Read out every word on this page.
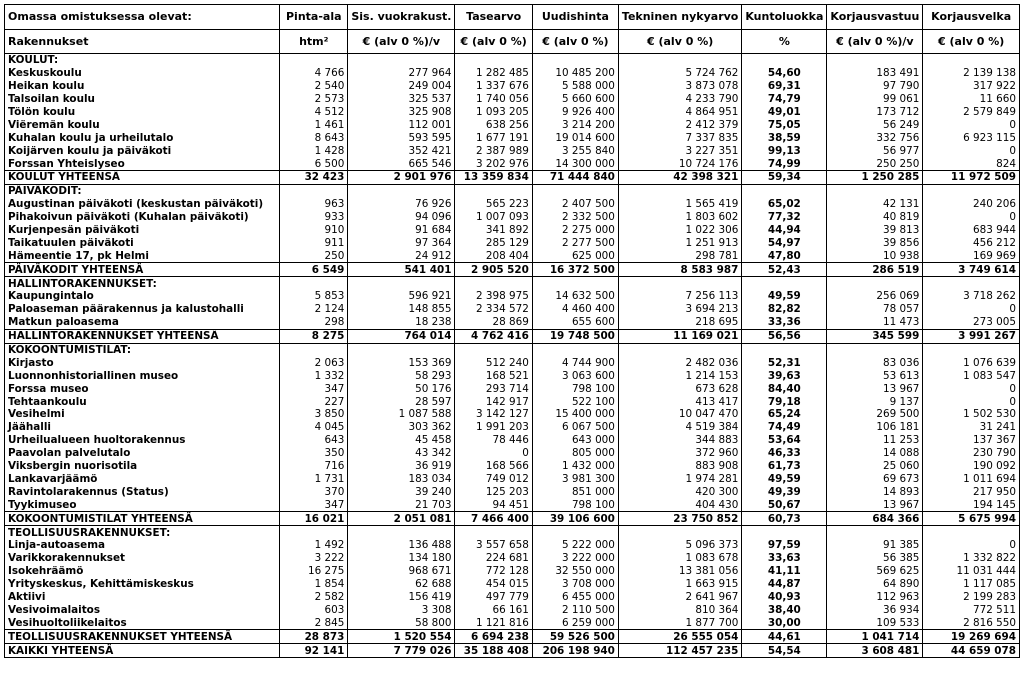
Omassa omistuksessa olevat:	Pinta-ala	Sis. vuokrakust.	Tasearvo	Uudishinta	Tekninen nykyarvo	Kuntoluokka	Korjausvastuu	Korjausvelka
Rakennukset	htm²	€ (alv 0 %)/v	€ (alv 0 %)	€ (alv 0 %)	€ (alv 0 %)	%	€ (alv 0 %)/v	€ (alv 0 %)
KOULUT:								
Keskuskoulu	4 766	277 964	1 282 485	10 485 200	5 724 762	54,60	183 491	2 139 138
Heikan koulu	2 540	249 004	1 337 676	5 588 000	3 873 078	69,31	97 790	317 922
Talsoilan koulu	2 573	325 537	1 740 056	5 660 600	4 233 790	74,79	99 061	11 660
Tölön koulu	4 512	325 908	1 093 205	9 926 400	4 864 951	49,01	173 712	2 579 849
Viëremän koulu	1 461	112 001	638 256	3 214 200	2 412 379	75,05	56 249	0
Kuhalan koulu ja urheilutalo	8 643	593 595	1 677 191	19 014 600	7 337 835	38,59	332 756	6 923 115
Koijärven koulu ja päiväkoti	1 428	352 421	2 387 989	3 255 840	3 227 351	99,13	56 977	0
Forssan Yhteislyseo	6 500	665 546	3 202 976	14 300 000	10 724 176	74,99	250 250	824
KOULUT YHTEENSÄ	32 423	2 901 976	13 359 834	71 444 840	42 398 321	59,34	1 250 285	11 972 509
PÄIVÄKODIT:								
Augustinan päiväkoti (keskustan päiväkoti)	963	76 926	565 223	2 407 500	1 565 419	65,02	42 131	240 206
Pihakoivun päiväkoti (Kuhalan päiväkoti)	933	94 096	1 007 093	2 332 500	1 803 602	77,32	40 819	0
Kurjenpesän päiväkoti	910	91 684	341 892	2 275 000	1 022 306	44,94	39 813	683 944
Taikatuulen päiväkoti	911	97 364	285 129	2 277 500	1 251 913	54,97	39 856	456 212
Hämeentie 17, pk Helmi	250	24 912	208 404	625 000	298 781	47,80	10 938	169 969
PÄIVÄKODIT YHTEENSÄ	6 549	541 401	2 905 520	16 372 500	8 583 987	52,43	286 519	3 749 614
HALLINTORAKENNUKSET:								
Kaupungintalo	5 853	596 921	2 398 975	14 632 500	7 256 113	49,59	256 069	3 718 262
Paloaseman päärakennus ja kalustohalli	2 124	148 855	2 334 572	4 460 400	3 694 213	82,82	78 057	0
Matkun paloasema	298	18 238	28 869	655 600	218 695	33,36	11 473	273 005
HALLINTORAKENNUKSET YHTEENSÄ	8 275	764 014	4 762 416	19 748 500	11 169 021	56,56	345 599	3 991 267
KOKOONTUMISTILAT:								
Kirjasto	2 063	153 369	512 240	4 744 900	2 482 036	52,31	83 036	1 076 639
Luonnonhistoriallinen museo	1 332	58 293	168 521	3 063 600	1 214 153	39,63	53 613	1 083 547
Forssa museo	347	50 176	293 714	798 100	673 628	84,40	13 967	0
Tehtaankoulu	227	28 597	142 917	522 100	413 417	79,18	9 137	0
Vesihelmi	3 850	1 087 588	3 142 127	15 400 000	10 047 470	65,24	269 500	1 502 530
Jäähalli	4 045	303 362	1 991 203	6 067 500	4 519 384	74,49	106 181	31 241
Urheilualueen huoltorakennus	643	45 458	78 446	643 000	344 883	53,64	11 253	137 367
Paavolan palvelutalo	350	43 342	0	805 000	372 960	46,33	14 088	230 790
Viksbergin nuorisotila	716	36 919	168 566	1 432 000	883 908	61,73	25 060	190 092
Lankavarjäämö	1 731	183 034	749 012	3 981 300	1 974 281	49,59	69 673	1 011 694
Ravintolarakennus (Status)	370	39 240	125 203	851 000	420 300	49,39	14 893	217 950
Tyykimuseo	347	21 703	94 451	798 100	404 430	50,67	13 967	194 145
KOKOONTUMISTILAT YHTEENSÄ	16 021	2 051 081	7 466 400	39 106 600	23 750 852	60,73	684 366	5 675 994
TEOLLISUUSRAKENNUKSET:								
Linja-autoasema	1 492	136 488	3 557 658	5 222 000	5 096 373	97,59	91 385	0
Varikkorakennukset	3 222	134 180	224 681	3 222 000	1 083 678	33,63	56 385	1 332 822
Isokehräämö	16 275	968 671	772 128	32 550 000	13 381 056	41,11	569 625	11 031 444
Yrityskeskus, Kehittämiskeskus	1 854	62 688	454 015	3 708 000	1 663 915	44,87	64 890	1 117 085
Aktiivi	2 582	156 419	497 779	6 455 000	2 641 967	40,93	112 963	2 199 283
Vesivoimalaitos	603	3 308	66 161	2 110 500	810 364	38,40	36 934	772 511
Vesihuoltoliikelaitos	2 845	58 800	1 121 816	6 259 000	1 877 700	30,00	109 533	2 816 550
TEOLLISUUSRAKENNUKSET YHTEENSÄ	28 873	1 520 554	6 694 238	59 526 500	26 555 054	44,61	1 041 714	19 269 694
KAIKKI YHTEENSÄ	92 141	7 779 026	35 188 408	206 198 940	112 457 235	54,54	3 608 481	44 659 078
